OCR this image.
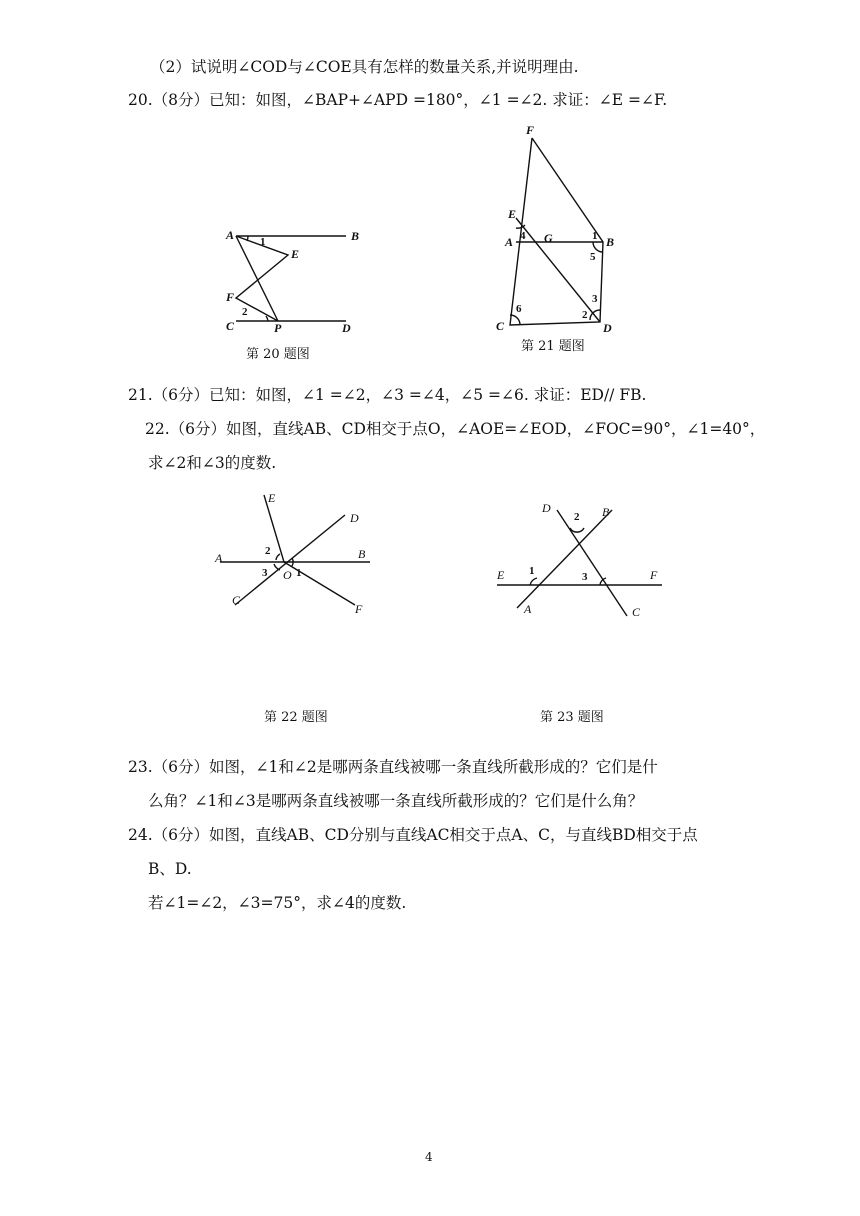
（2）试说明∠COD与∠COE具有怎样的数量关系,并说明理由.
20.（8分）已知：如图，∠BAP+∠APD =180°，∠1 =∠2. 求证：∠E =∠F.
A	B
E
F
C	P	D
1
2
第 20 题图
F
E
A	G	B
C	D
1
2
3
4
5
6
第 21 题图
21.（6分）已知：如图，∠1 =∠2，∠3 =∠4，∠5 =∠6. 求证：ED// FB.
22.（6分）如图，直线AB、CD相交于点O，∠AOE=∠EOD，∠FOC=90°，∠1=40°，
求∠2和∠3的度数.
E
D
A	B
O
C
F
1
2
3
第 22 题图
D	B
E	F
A	C
1
2
3
第 23 题图
23.（6分）如图，∠1和∠2是哪两条直线被哪一条直线所截形成的？它们是什
么角？∠1和∠3是哪两条直线被哪一条直线所截形成的？它们是什么角？
24.（6分）如图，直线AB、CD分别与直线AC相交于点A、C，与直线BD相交于点
B、D.
若∠1=∠2，∠3=75°，求∠4的度数.
4
